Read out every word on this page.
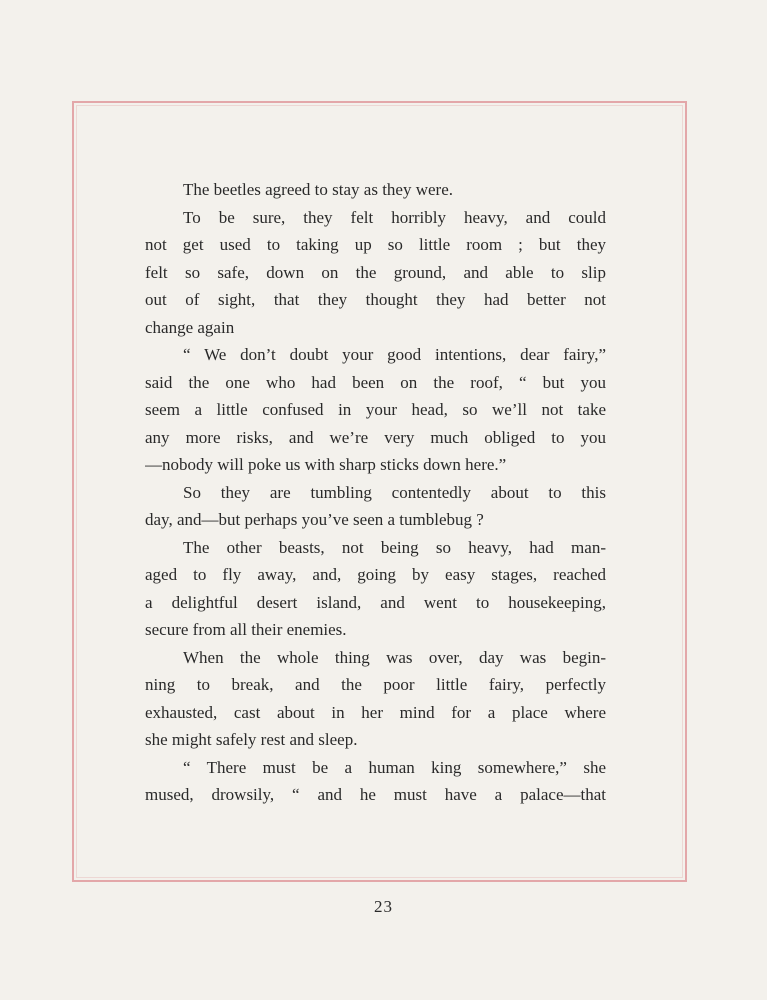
The beetles agreed to stay as they were.
To be sure, they felt horribly heavy, and could
not get used to taking up so little room ; but they
felt so safe, down on the ground, and able to slip
out of sight, that they thought they had better not
change again
“ We don’t doubt your good intentions, dear fairy,”
said the one who had been on the roof, “ but you
seem a little confused in your head, so we’ll not take
any more risks, and we’re very much obliged to you
—nobody will poke us with sharp sticks down here.”
So they are tumbling contentedly about to this
day, and—but perhaps you’ve seen a tumblebug ?
The other beasts, not being so heavy, had man-
aged to fly away, and, going by easy stages, reached
a delightful desert island, and went to housekeeping,
secure from all their enemies.
When the whole thing was over, day was begin-
ning to break, and the poor little fairy, perfectly
exhausted, cast about in her mind for a place where
she might safely rest and sleep.
“ There must be a human king somewhere,” she
mused, drowsily, “ and he must have a palace—that
23
